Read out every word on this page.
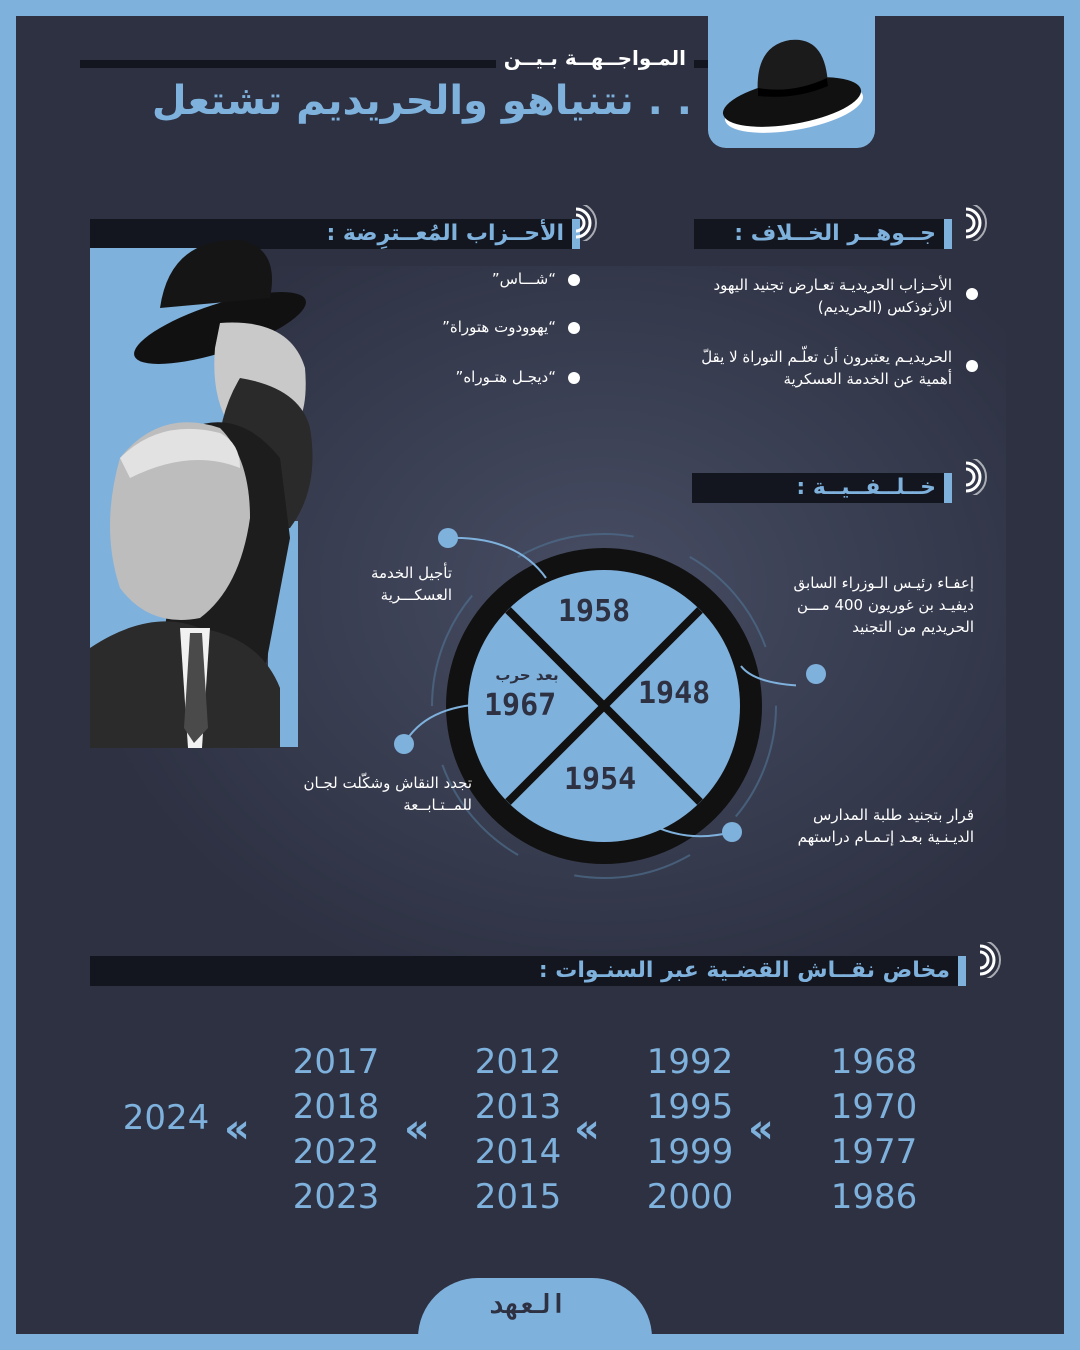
المـواجــهــة بـيــن
نتنياهو والحريديم تشتعل . .
جــوهــر الخــلاف :
الأحـزاب الحريديـة تعـارض تجنيد اليهود الأرثوذكس (الحريديم)
الحريديـم يعتبرون أن تعلّـم التوراة لا يقلّ أهمية عن الخدمة العسكرية
الأحــزاب المُعــترِضة :
“شـــاس”
“يهوودوت هتوراة”
“ديجـل هتـوراه”
خــلــفــيــة :
1958
1948
1954
بعد حرب
1967
تأجيل الخدمة العسكـــرية
إعفـاء رئيـس الـوزراء السابق ديفيـد بن غوريون 400 مـــن الحريديم من التجنيد
تجدد النقاش وشكّلت لجـان للمــتـابــعة
قرار بتجنيد طلبة المدارس الديـنـية بعـد إتـمـام دراستهم
مخاض نقــاش القضـية عبر السنـوات :
1968
1970
1977
1986
«
1992
1995
1999
2000
«
2012
2013
2014
2015
«
2017
2018
2022
2023
«
2024
العهد
